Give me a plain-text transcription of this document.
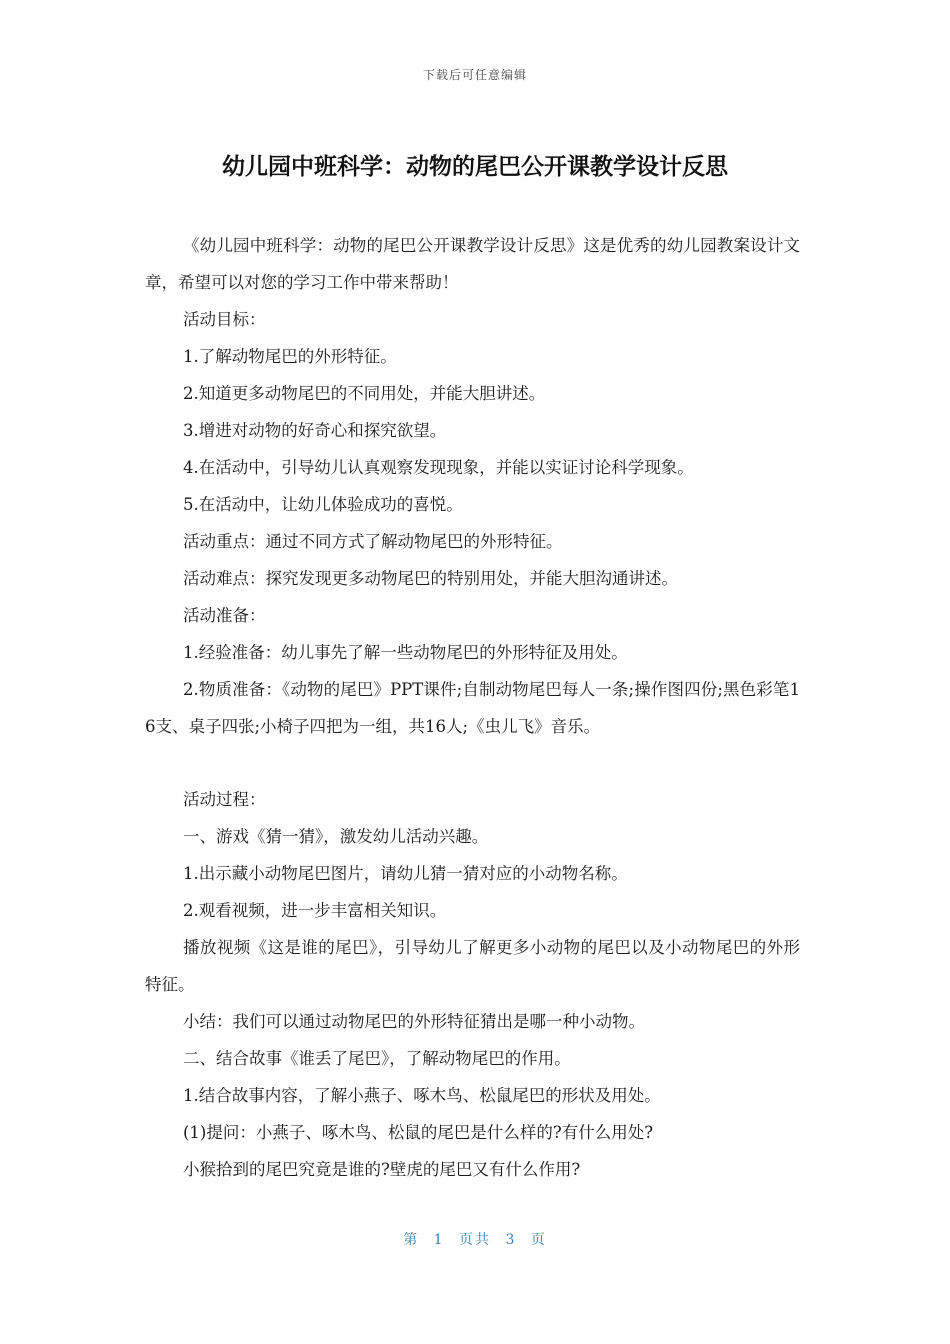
下载后可任意编辑
幼儿园中班科学：动物的尾巴公开课教学设计反思

《幼儿园中班科学：动物的尾巴公开课教学设计反思》这是优秀的幼儿园教案设计文章，希望可以对您的学习工作中带来帮助！

活动目标：

1.了解动物尾巴的外形特征。

2.知道更多动物尾巴的不同用处，并能大胆讲述。

3.增进对动物的好奇心和探究欲望。

4.在活动中，引导幼儿认真观察发现现象，并能以实证讨论科学现象。

5.在活动中，让幼儿体验成功的喜悦。

活动重点：通过不同方式了解动物尾巴的外形特征。

活动难点：探究发现更多动物尾巴的特别用处，并能大胆沟通讲述。

活动准备：

1.经验准备：幼儿事先了解一些动物尾巴的外形特征及用处。

2.物质准备：《动物的尾巴》PPT课件;自制动物尾巴每人一条;操作图四份;黑色彩笔16支、桌子四张;小椅子四把为一组，共16人;《虫儿飞》音乐。

活动过程：

一、游戏《猜一猜》，激发幼儿活动兴趣。

1.出示藏小动物尾巴图片，请幼儿猜一猜对应的小动物名称。

2.观看视频，进一步丰富相关知识。

播放视频《这是谁的尾巴》，引导幼儿了解更多小动物的尾巴以及小动物尾巴的外形特征。

小结：我们可以通过动物尾巴的外形特征猜出是哪一种小动物。

二、结合故事《谁丢了尾巴》，了解动物尾巴的作用。

1.结合故事内容，了解小燕子、啄木鸟、松鼠尾巴的形状及用处。

(1)提问：小燕子、啄木鸟、松鼠的尾巴是什么样的?有什么用处?

小猴拾到的尾巴究竟是谁的?壁虎的尾巴又有什么作用?

第 1 页共 3 页
